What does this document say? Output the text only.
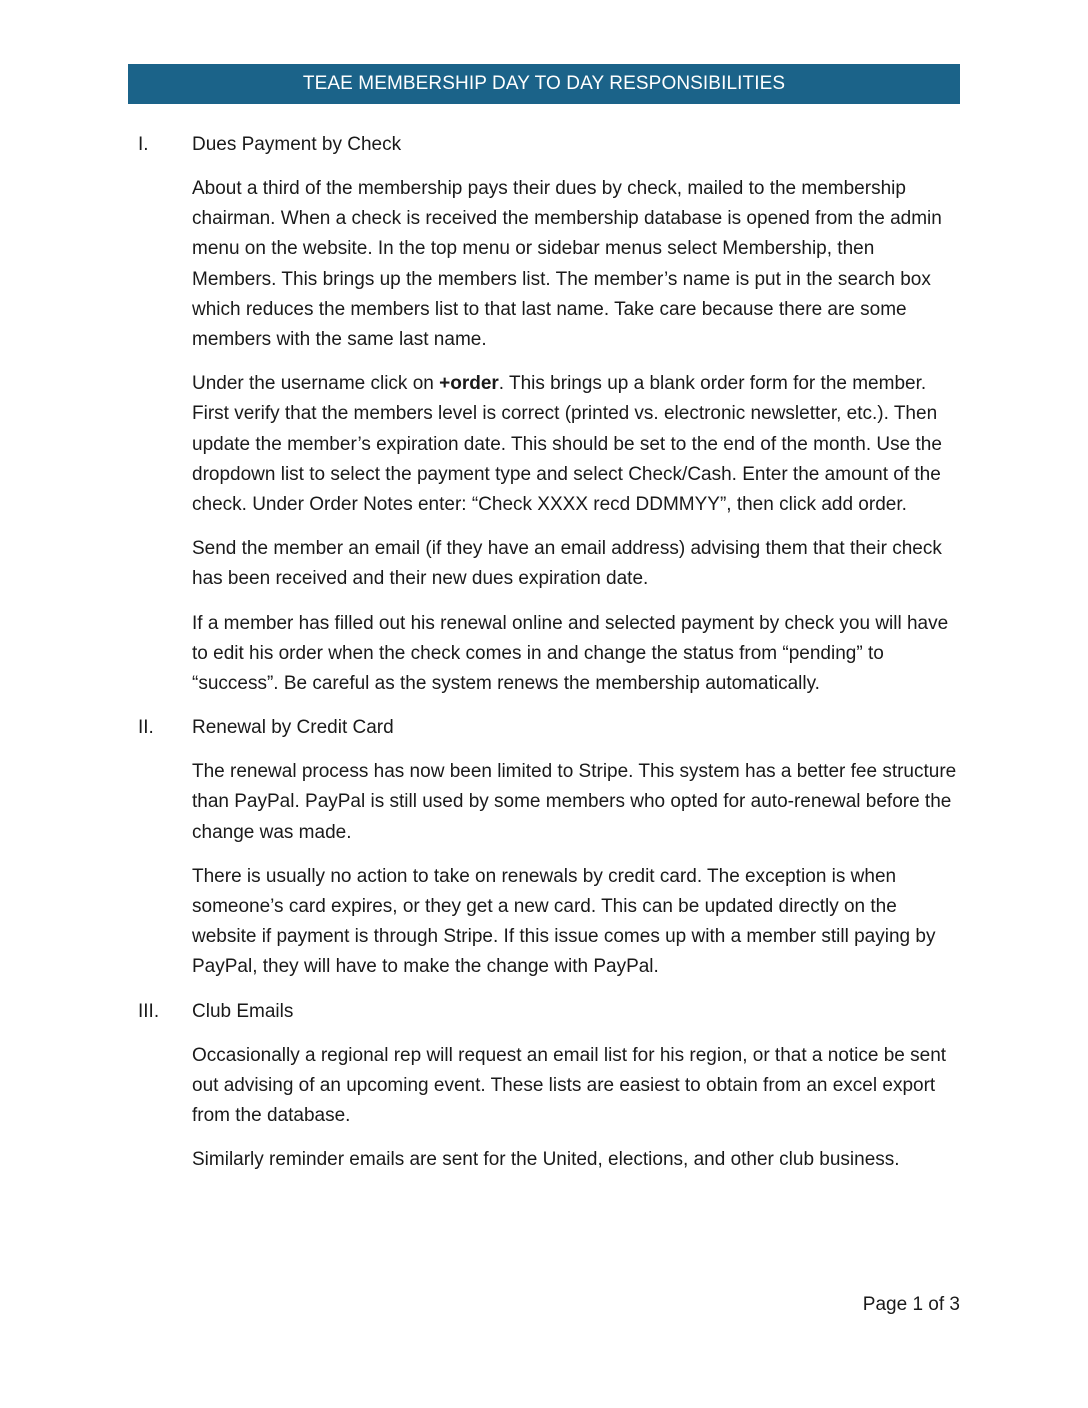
TEAE MEMBERSHIP DAY TO DAY RESPONSIBILITIES
I.	Dues Payment by Check

About a third of the membership pays their dues by check, mailed to the membership chairman. When a check is received the membership database is opened from the admin menu on the website. In the top menu or sidebar menus select Membership, then Members. This brings up the members list. The member’s name is put in the search box which reduces the members list to that last name. Take care because there are some members with the same last name.

Under the username click on +order. This brings up a blank order form for the member. First verify that the members level is correct (printed vs. electronic newsletter, etc.). Then update the member’s expiration date. This should be set to the end of the month. Use the dropdown list to select the payment type and select Check/Cash. Enter the amount of the check. Under Order Notes enter: “Check XXXX recd DDMMYY”, then click add order.

Send the member an email (if they have an email address) advising them that their check has been received and their new dues expiration date.

If a member has filled out his renewal online and selected payment by check you will have to edit his order when the check comes in and change the status from “pending” to “success”. Be careful as the system renews the membership automatically.

II.	Renewal by Credit Card

The renewal process has now been limited to Stripe. This system has a better fee structure than PayPal. PayPal is still used by some members who opted for auto-renewal before the change was made.

There is usually no action to take on renewals by credit card. The exception is when someone’s card expires, or they get a new card. This can be updated directly on the website if payment is through Stripe. If this issue comes up with a member still paying by PayPal, they will have to make the change with PayPal.

III.	Club Emails

Occasionally a regional rep will request an email list for his region, or that a notice be sent out advising of an upcoming event. These lists are easiest to obtain from an excel export from the database.

Similarly reminder emails are sent for the United, elections, and other club business.

Page 1 of 3
